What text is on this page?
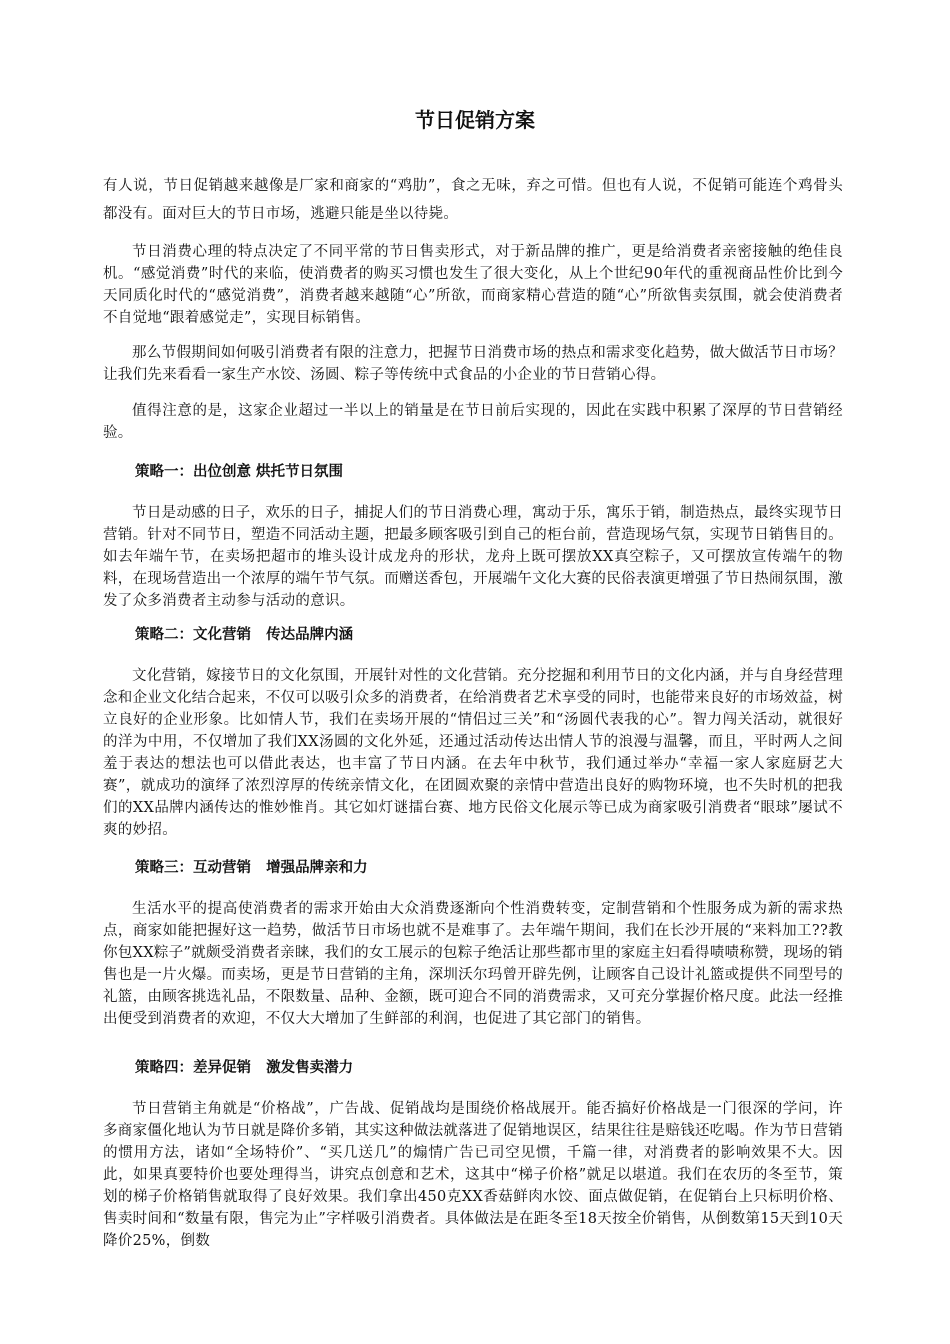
节日促销方案

有人说，节日促销越来越像是厂家和商家的“鸡肋”，食之无味，弃之可惜。但也有人说，不促销可能连个鸡骨头都没有。面对巨大的节日市场，逃避只能是坐以待毙。

节日消费心理的特点决定了不同平常的节日售卖形式，对于新品牌的推广，更是给消费者亲密接触的绝佳良机。“感觉消费”时代的来临，使消费者的购买习惯也发生了很大变化，从上个世纪90年代的重视商品性价比到今天同质化时代的“感觉消费”，消费者越来越随“心”所欲，而商家精心营造的随“心”所欲售卖氛围，就会使消费者不自觉地“跟着感觉走”，实现目标销售。

那么节假期间如何吸引消费者有限的注意力，把握节日消费市场的热点和需求变化趋势，做大做活节日市场？让我们先来看看一家生产水饺、汤圆、粽子等传统中式食品的小企业的节日营销心得。

值得注意的是，这家企业超过一半以上的销量是在节日前后实现的，因此在实践中积累了深厚的节日营销经验。

策略一：出位创意 烘托节日氛围

节日是动感的日子，欢乐的日子，捕捉人们的节日消费心理，寓动于乐，寓乐于销，制造热点，最终实现节日营销。针对不同节日，塑造不同活动主题，把最多顾客吸引到自己的柜台前，营造现场气氛，实现节日销售目的。如去年端午节，在卖场把超市的堆头设计成龙舟的形状，龙舟上既可摆放XX真空粽子，又可摆放宣传端午的物料，在现场营造出一个浓厚的端午节气氛。而赠送香包，开展端午文化大赛的民俗表演更增强了节日热闹氛围，激发了众多消费者主动参与活动的意识。

策略二：文化营销   传达品牌内涵

文化营销，嫁接节日的文化氛围，开展针对性的文化营销。充分挖掘和利用节日的文化内涵，并与自身经营理念和企业文化结合起来，不仅可以吸引众多的消费者，在给消费者艺术享受的同时，也能带来良好的市场效益，树立良好的企业形象。比如情人节，我们在卖场开展的“情侣过三关”和“汤圆代表我的心”。智力闯关活动，就很好的洋为中用，不仅增加了我们XX汤圆的文化外延，还通过活动传达出情人节的浪漫与温馨，而且，平时两人之间羞于表达的想法也可以借此表达，也丰富了节日内涵。在去年中秋节，我们通过举办“幸福一家人家庭厨艺大赛”，就成功的演绎了浓烈淳厚的传统亲情文化，在团圆欢聚的亲情中营造出良好的购物环境，也不失时机的把我们的XX品牌内涵传达的惟妙惟肖。其它如灯谜擂台赛、地方民俗文化展示等已成为商家吸引消费者“眼球”屡试不爽的妙招。

策略三：互动营销   增强品牌亲和力

生活水平的提高使消费者的需求开始由大众消费逐渐向个性消费转变，定制营销和个性服务成为新的需求热点，商家如能把握好这一趋势，做活节日市场也就不是难事了。去年端午期间，我们在长沙开展的“来料加工??教你包XX粽子”就颇受消费者亲睐，我们的女工展示的包粽子绝活让那些都市里的家庭主妇看得啧啧称赞，现场的销售也是一片火爆。而卖场，更是节日营销的主角，深圳沃尔玛曾开辟先例，让顾客自己设计礼篮或提供不同型号的礼篮，由顾客挑选礼品，不限数量、品种、金额，既可迎合不同的消费需求，又可充分掌握价格尺度。此法一经推出便受到消费者的欢迎，不仅大大增加了生鲜部的利润，也促进了其它部门的销售。

策略四：差异促销   激发售卖潜力

节日营销主角就是“价格战”，广告战、促销战均是围绕价格战展开。能否搞好价格战是一门很深的学问，许多商家僵化地认为节日就是降价多销，其实这种做法就落进了促销地误区，结果往往是赔钱还吃喝。作为节日营销的惯用方法，诸如“全场特价”、“买几送几”的煽情广告已司空见惯，千篇一律，对消费者的影响效果不大。因此，如果真要特价也要处理得当，讲究点创意和艺术，这其中“梯子价格”就足以堪道。我们在农历的冬至节，策划的梯子价格销售就取得了良好效果。我们拿出450克XX香菇鲜肉水饺、面点做促销，在促销台上只标明价格、售卖时间和“数量有限，售完为止”字样吸引消费者。具体做法是在距冬至18天按全价销售，从倒数第15天到10天降价25%，倒数
